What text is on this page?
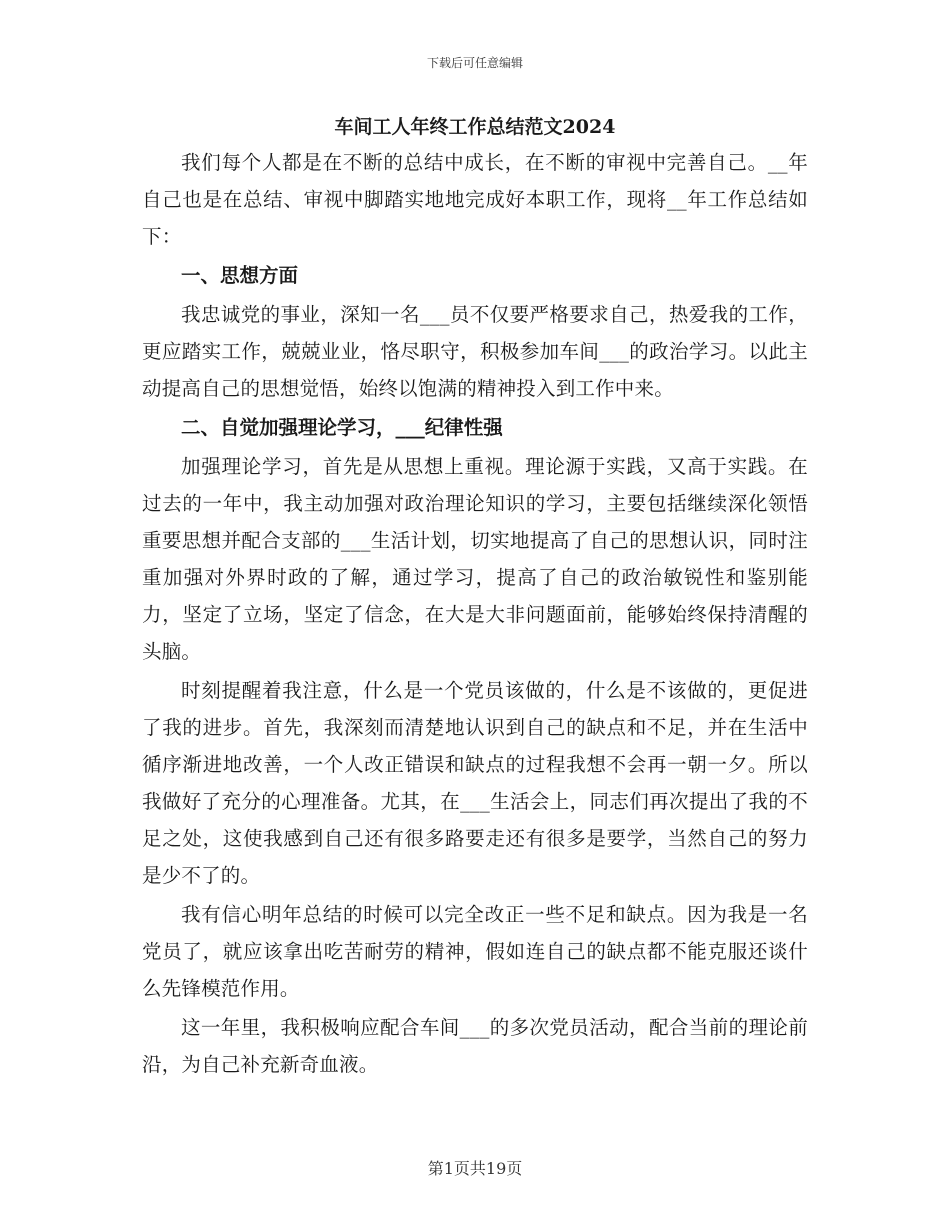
下载后可任意编辑
车间工人年终工作总结范文2024

我们每个人都是在不断的总结中成长，在不断的审视中完善自己。__年自己也是在总结、审视中脚踏实地地完成好本职工作，现将__年工作总结如下：

一、思想方面

我忠诚党的事业，深知一名___员不仅要严格要求自己，热爱我的工作，更应踏实工作，兢兢业业，恪尽职守，积极参加车间___的政治学习。以此主动提高自己的思想觉悟，始终以饱满的精神投入到工作中来。

二、自觉加强理论学习，___纪律性强

加强理论学习，首先是从思想上重视。理论源于实践，又高于实践。在过去的一年中，我主动加强对政治理论知识的学习，主要包括继续深化领悟重要思想并配合支部的___生活计划，切实地提高了自己的思想认识，同时注重加强对外界时政的了解，通过学习，提高了自己的政治敏锐性和鉴别能力，坚定了立场，坚定了信念，在大是大非问题面前，能够始终保持清醒的头脑。

时刻提醒着我注意，什么是一个党员该做的，什么是不该做的，更促进了我的进步。首先，我深刻而清楚地认识到自己的缺点和不足，并在生活中循序渐进地改善，一个人改正错误和缺点的过程我想不会再一朝一夕。所以我做好了充分的心理准备。尤其，在___生活会上，同志们再次提出了我的不足之处，这使我感到自己还有很多路要走还有很多是要学，当然自己的努力是少不了的。

我有信心明年总结的时候可以完全改正一些不足和缺点。因为我是一名党员了，就应该拿出吃苦耐劳的精神，假如连自己的缺点都不能克服还谈什么先锋模范作用。

这一年里，我积极响应配合车间___的多次党员活动，配合当前的理论前沿，为自己补充新奇血液。

第1页共19页
